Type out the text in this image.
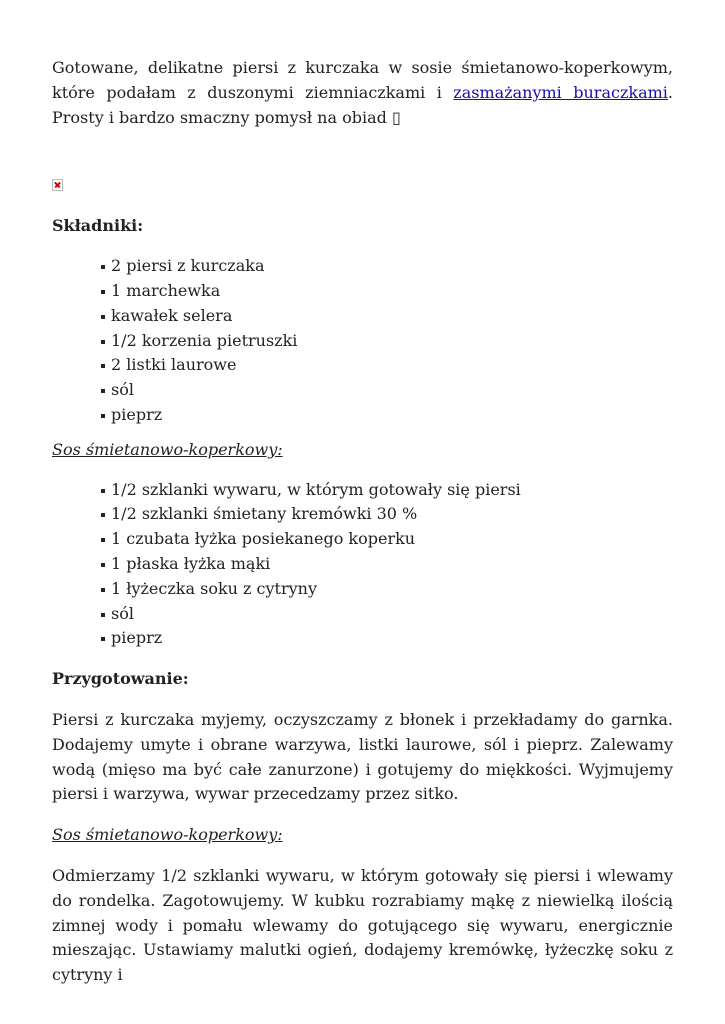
Gotowane, delikatne piersi z kurczaka w sosie śmietanowo-koperkowym, które podałam z duszonymi ziemniaczkami i zasmażanymi buraczkami. Prosty i bardzo smaczny pomysł na obiad ▯

Składniki:
2 piersi z kurczaka
1 marchewka
kawałek selera
1/2 korzenia pietruszki
2 listki laurowe
sól
pieprz

Sos śmietanowo-koperkowy:

1/2 szklanki wywaru, w którym gotowały się piersi
1/2 szklanki śmietany kremówki 30 %
1 czubata łyżka posiekanego koperku
1 płaska łyżka mąki
1 łyżeczka soku z cytryny
sól
pieprz
Przygotowanie:

Piersi z kurczaka myjemy, oczyszczamy z błonek i przekładamy do garnka. Dodajemy umyte i obrane warzywa, listki laurowe, sól i pieprz. Zalewamy wodą (mięso ma być całe zanurzone) i gotujemy do miękkości. Wyjmujemy piersi i warzywa, wywar przecedzamy przez sitko.

Sos śmietanowo-koperkowy:

Odmierzamy 1/2 szklanki wywaru, w którym gotowały się piersi i wlewamy do rondelka. Zagotowujemy. W kubku rozrabiamy mąkę z niewielką ilością zimnej wody i pomału wlewamy do gotującego się wywaru, energicznie mieszając. Ustawiamy malutki ogień, dodajemy kremówkę, łyżeczkę soku z cytryny i
